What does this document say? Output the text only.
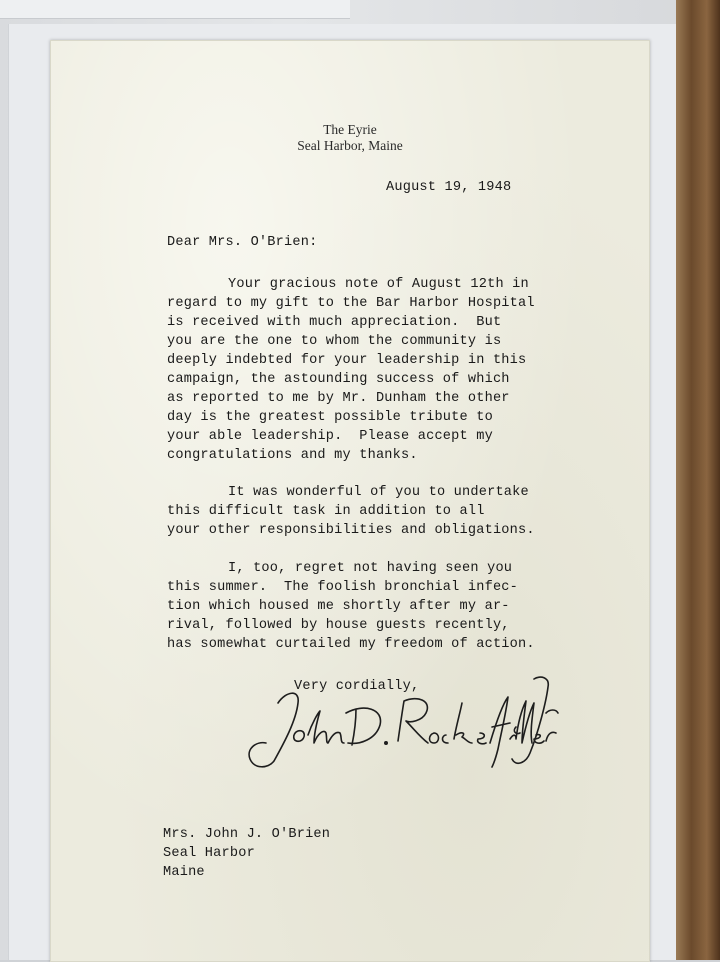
The Eyrie
Seal Harbor, Maine
August 19, 1948
Dear Mrs. O'Brien:
Your gracious note of August 12th in
regard to my gift to the Bar Harbor Hospital
is received with much appreciation.  But
you are the one to whom the community is
deeply indebted for your leadership in this
campaign, the astounding success of which
as reported to me by Mr. Dunham the other
day is the greatest possible tribute to
your able leadership.  Please accept my
congratulations and my thanks.
It was wonderful of you to undertake
this difficult task in addition to all
your other responsibilities and obligations.
I, too, regret not having seen you
this summer.  The foolish bronchial infec-
tion which housed me shortly after my ar-
rival, followed by house guests recently,
has somewhat curtailed my freedom of action.
Very cordially,
Mrs. John J. O'Brien
Seal Harbor
Maine
